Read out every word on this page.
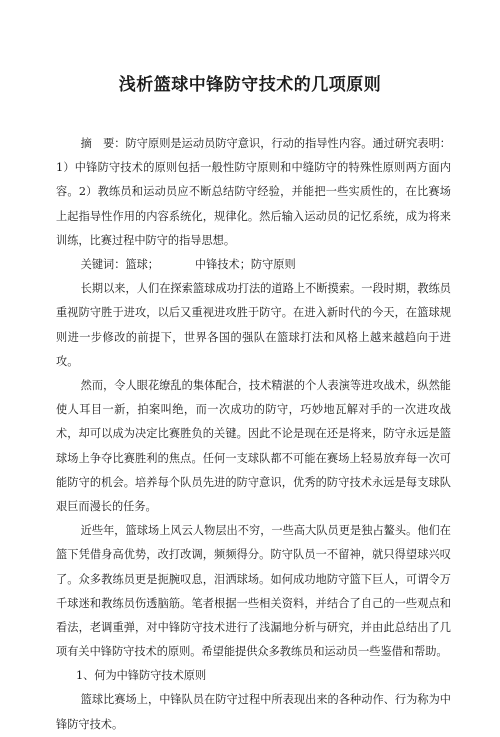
浅析篮球中锋防守技术的几项原则

摘　要：防守原则是运动员防守意识，行动的指导性内容。通过研究表明：1）中锋防守技术的原则包括一般性防守原则和中缝防守的特殊性原则两方面内容。2）教练员和运动员应不断总结防守经验，并能把一些实质性的，在比赛场上起指导性作用的内容系统化，规律化。然后输入运动员的记忆系统，成为将来训练，比赛过程中防守的指导思想。

关键词：篮球；	中锋技术；防守原则

长期以来，人们在探索篮球成功打法的道路上不断摸索。一段时期，教练员重视防守胜于进攻，以后又重视进攻胜于防守。在进入新时代的今天，在篮球规则进一步修改的前提下，世界各国的强队在篮球打法和风格上越来越趋向于进攻。

然而，令人眼花缭乱的集体配合，技术精湛的个人表演等进攻战术，纵然能使人耳目一新，拍案叫绝，而一次成功的防守，巧妙地瓦解对手的一次进攻战术，却可以成为决定比赛胜负的关键。因此不论是现在还是将来，防守永远是篮球场上争夺比赛胜利的焦点。任何一支球队都不可能在赛场上轻易放弃每一次可能防守的机会。培养每个队员先进的防守意识，优秀的防守技术永远是每支球队艰巨而漫长的任务。

近些年，篮球场上风云人物层出不穷，一些高大队员更是独占鳌头。他们在篮下凭借身高优势，改打改调，频频得分。防守队员一不留神，就只得望球兴叹了。众多教练员更是扼腕叹息，泪洒球场。如何成功地防守篮下巨人，可谓令万千球迷和教练员伤透脑筋。笔者根据一些相关资料，并结合了自己的一些观点和看法，老调重弹，对中锋防守技术进行了浅漏地分析与研究，并由此总结出了几项有关中锋防守技术的原则。希望能提供众多教练员和运动员一些鉴借和帮助。

1、何为中锋防守技术原则

篮球比赛场上，中锋队员在防守过程中所表现出来的各种动作、行为称为中锋防守技术。
